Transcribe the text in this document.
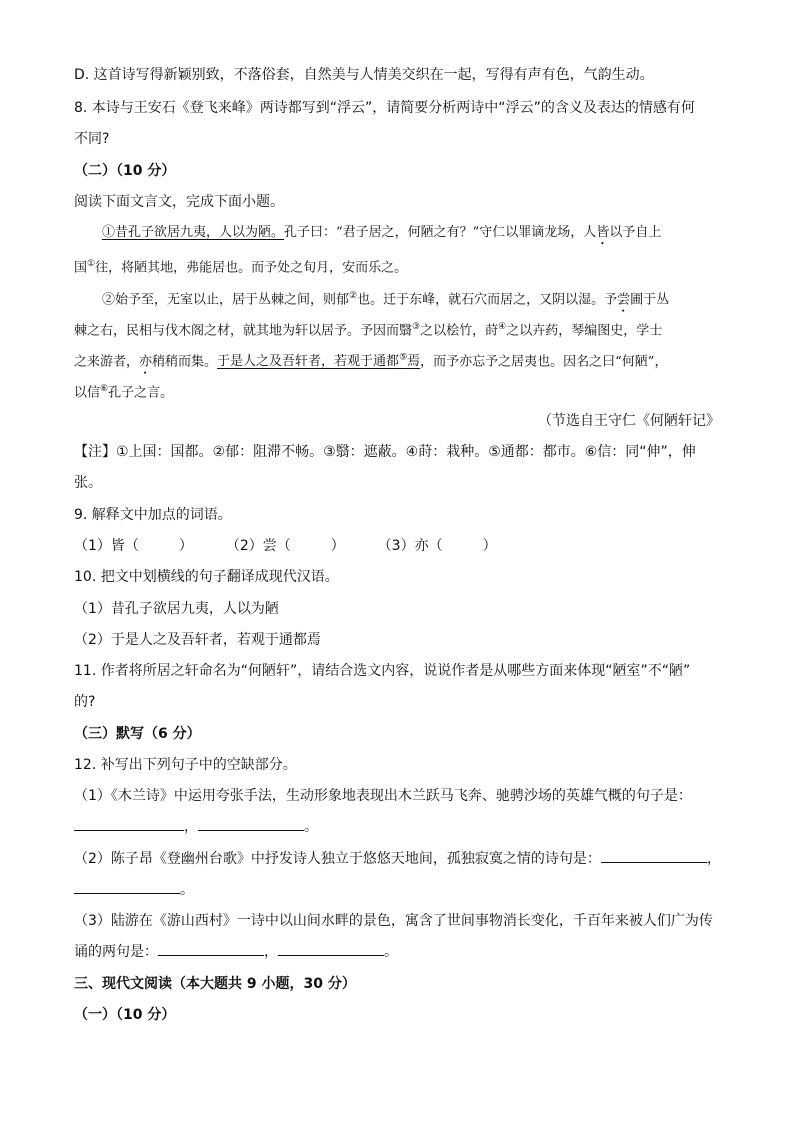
D. 这首诗写得新颖别致，不落俗套，自然美与人情美交织在一起，写得有声有色，气韵生动。
8. 本诗与王安石《登飞来峰》两诗都写到“浮云”，请简要分析两诗中“浮云”的含义及表达的情感有何
不同?
（二）（10 分）
阅读下面文言文，完成下面小题。
①昔孔子欲居九夷，人以为陋。孔子曰：“君子居之，何陋之有？”守仁以罪谪龙场，人皆以予自上
国①往，将陋其地，弗能居也。而予处之旬月，安而乐之。
②始予至，无室以止，居于丛棘之间，则郁②也。迁于东峰，就石穴而居之，又阴以湿。予尝圃于丛
棘之右，民相与伐木阁之材，就其地为轩以居予。予因而翳③之以桧竹，莳④之以卉药，琴编图史，学士
之来游者，亦稍稍而集。于是人之及吾轩者，若观于通都⑤焉，而予亦忘予之居夷也。因名之曰“何陋”，
以信⑥孔子之言。
（节选自王守仁《何陋轩记》
【注】①上国：国都。②郁：阻滞不畅。③翳：遮蔽。④莳：栽种。⑤通都：都市。⑥信：同“伸”，伸
张。
9. 解释文中加点的词语。
（1）皆（	） （2）尝（	） （3）亦（	）
10. 把文中划横线的句子翻译成现代汉语。
（1）昔孔子欲居九夷，人以为陋
（2）于是人之及吾轩者，若观于通都焉
11. 作者将所居之轩命名为“何陋轩”，请结合选文内容，说说作者是从哪些方面来体现“陋室”不“陋”
的?
（三）默写（6 分）
12. 补写出下列句子中的空缺部分。
（1）《木兰诗》中运用夸张手法，生动形象地表现出木兰跃马飞奔、驰骋沙场的英雄气概的句子是：
，	。
（2）陈子昂《登幽州台歌》中抒发诗人独立于悠悠天地间，孤独寂寞之情的诗句是：	，
。
（3）陆游在《游山西村》一诗中以山间水畔的景色，寓含了世间事物消长变化，千百年来被人们广为传
诵的两句是：	，	。
三、现代文阅读（本大题共 9 小题，30 分）
（一）（10 分）
